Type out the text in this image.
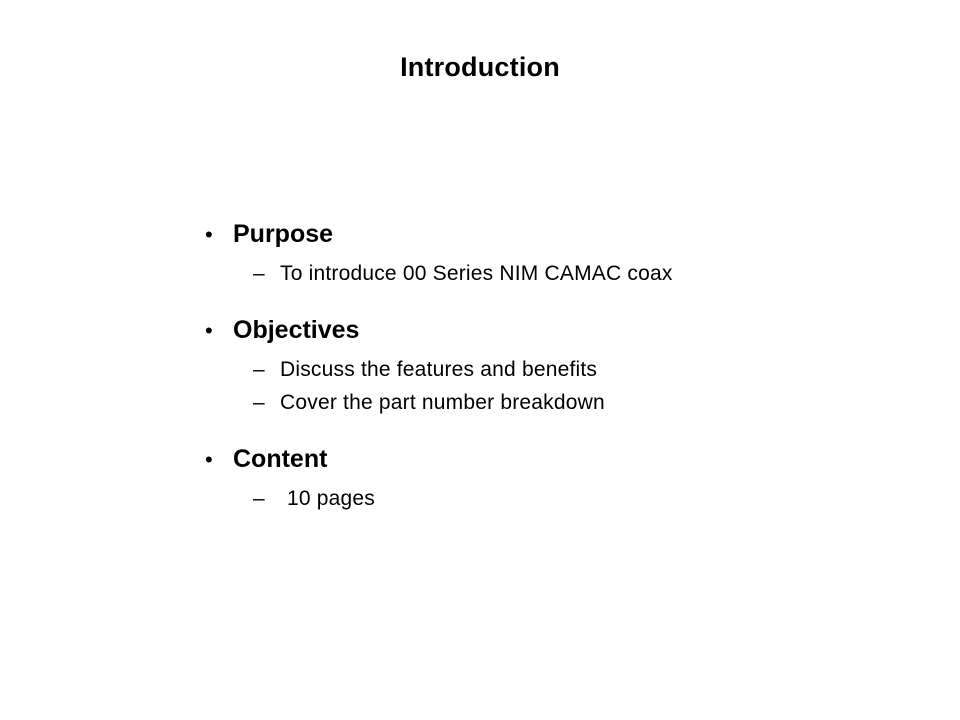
Introduction
• Purpose
– To introduce 00 Series NIM CAMAC coax
• Objectives
– Discuss the features and benefits
– Cover the part number breakdown
• Content
–	10 pages
